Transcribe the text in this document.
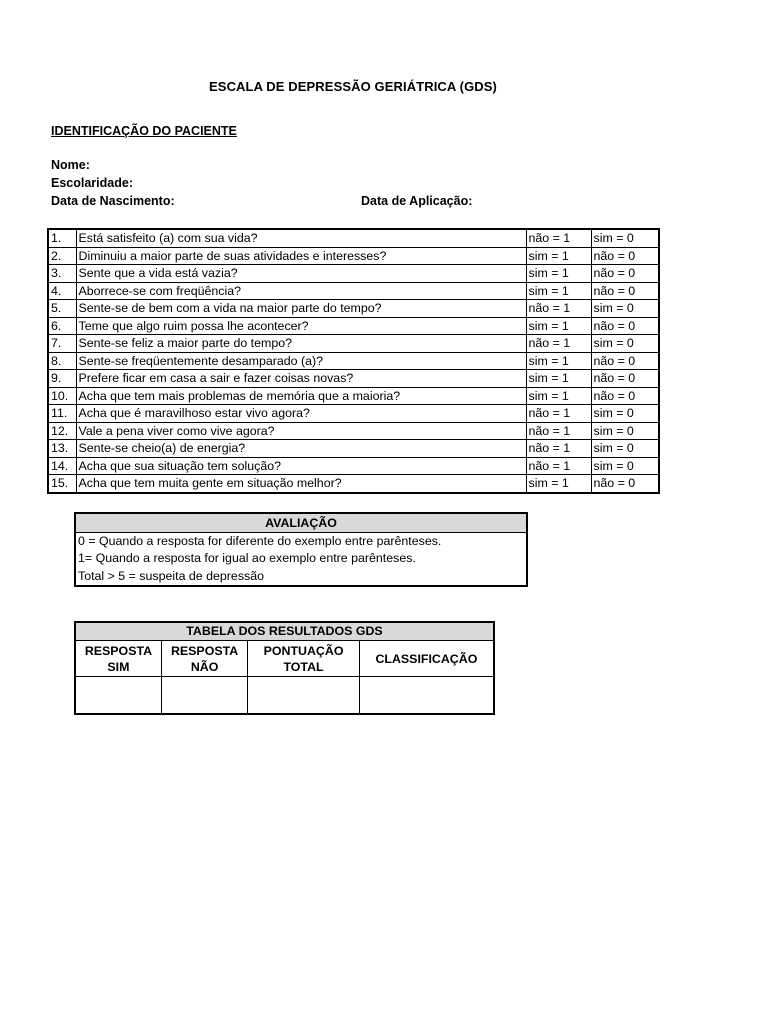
ESCALA DE DEPRESSÃO GERIÁTRICA (GDS)
IDENTIFICAÇÃO DO PACIENTE
Nome:
Escolaridade:
Data de Nascimento:	Data de Aplicação:
1.	Está satisfeito (a) com sua vida?	não = 1	sim = 0
2.	Diminuiu a maior parte de suas atividades e interesses?	sim = 1	não = 0
3.	Sente que a vida está vazia?	sim = 1	não = 0
4.	Aborrece-se com freqüência?	sim = 1	não = 0
5.	Sente-se de bem com a vida na maior parte do tempo?	não = 1	sim = 0
6.	Teme que algo ruim possa lhe acontecer?	sim = 1	não = 0
7.	Sente-se feliz a maior parte do tempo?	não = 1	sim = 0
8.	Sente-se freqüentemente desamparado (a)?	sim = 1	não = 0
9.	Prefere ficar em casa a sair e fazer coisas novas?	sim = 1	não = 0
10.	Acha que tem mais problemas de memória que a maioria?	sim = 1	não = 0
11.	Acha que é maravilhoso estar vivo agora?	não = 1	sim = 0
12.	Vale a pena viver como vive agora?	não = 1	sim = 0
13.	Sente-se cheio(a) de energia?	não = 1	sim = 0
14.	Acha que sua situação tem solução?	não = 1	sim = 0
15.	Acha que tem muita gente em situação melhor?	sim = 1	não = 0
AVALIAÇÃO
0 = Quando a resposta for diferente do exemplo entre parênteses.
1= Quando a resposta for igual ao exemplo entre parênteses.
Total > 5 = suspeita de depressão
TABELA DOS RESULTADOS GDS			
RESPOSTA SIM	RESPOSTA NÃO	PONTUAÇÃO TOTAL	CLASSIFICAÇÃO
